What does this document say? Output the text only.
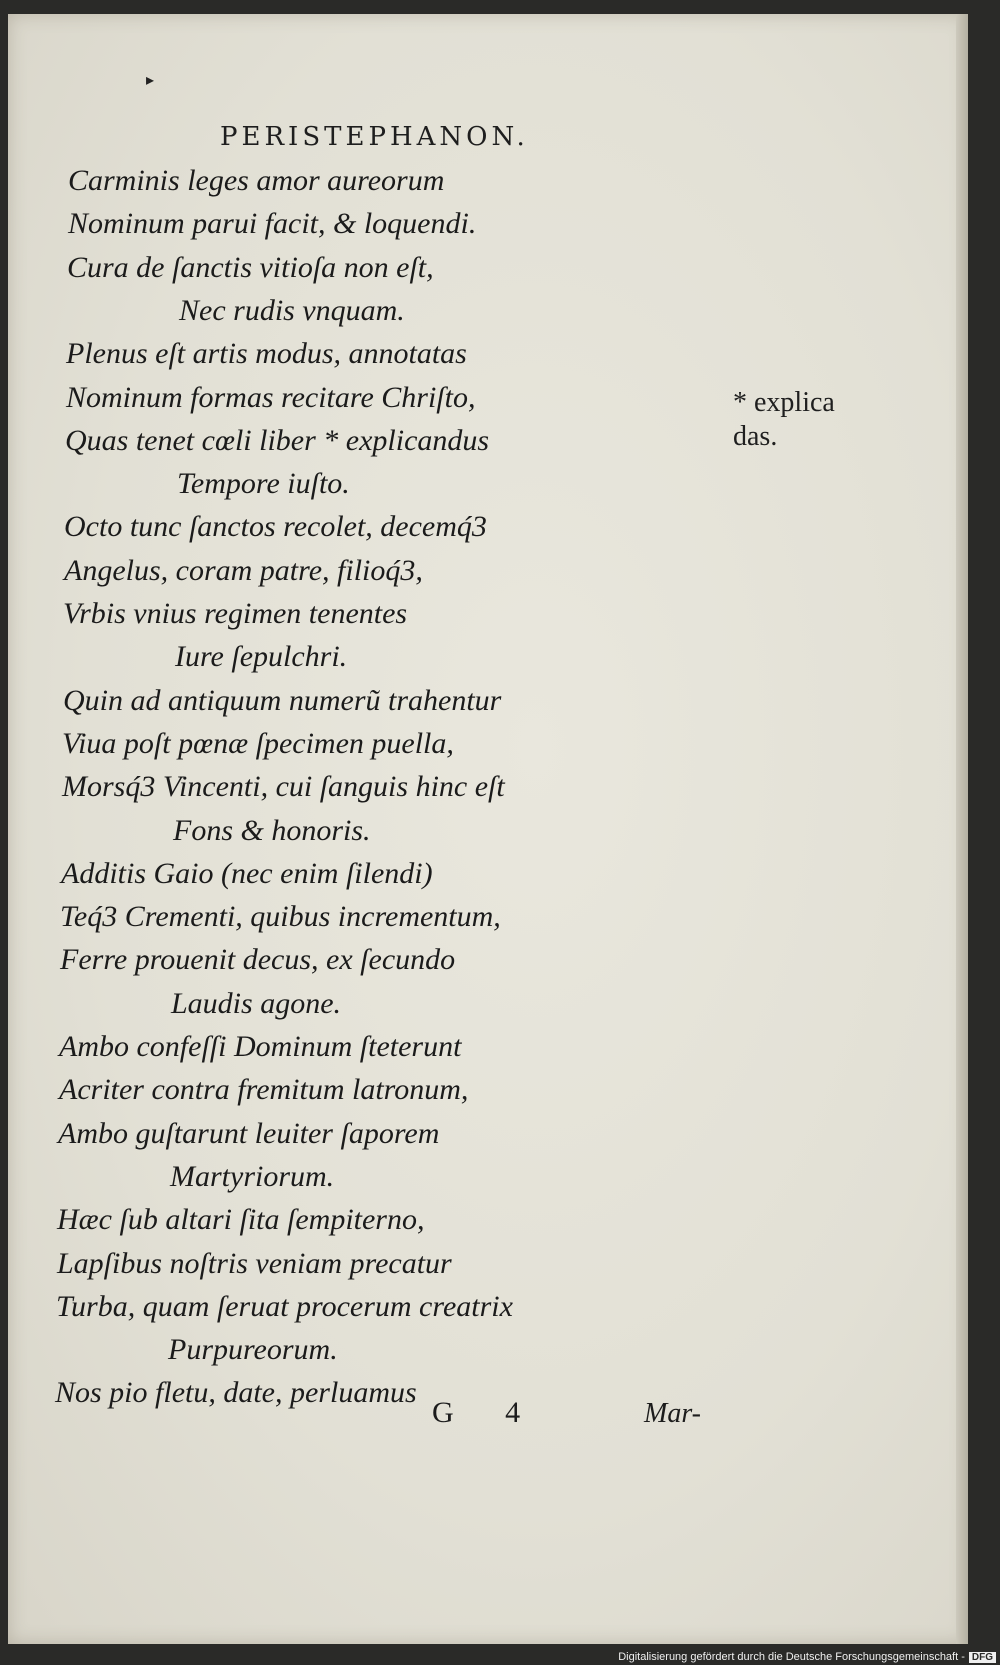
▸
PERISTEPHANON.
Carminis leges amor aureorum
Nominum parui facit, & loquendi.
Cura de ſanctis vitioſa non eſt,
Nec rudis vnquam.
Plenus eſt artis modus, annotatas
Nominum formas recitare Chriſto,
Quas tenet cœli liber * explicandus
Tempore iuſto.
Octo tunc ſanctos recolet, decemq́3
Angelus, coram patre, filioq́3,
Vrbis vnius regimen tenentes
Iure ſepulchri.
Quin ad antiquum numerũ trahentur
Viua poſt pœnæ ſpecimen puella,
Morsq́3 Vincenti, cui ſanguis hinc eſt
Fons & honoris.
Additis Gaio (nec enim ſilendi)
Teq́3 Crementi, quibus incrementum,
Ferre prouenit decus, ex ſecundo
Laudis agone.
Ambo confeſſi Dominum ſteterunt
Acriter contra fremitum latronum,
Ambo guſtarunt leuiter ſaporem
Martyriorum.
Hæc ſub altari ſita ſempiterno,
Lapſibus noſtris veniam precatur
Turba, quam ſeruat procerum creatrix
Purpureorum.
Nos pio fletu, date, perluamus
* explica
das.
G 4	Mar-
Digitalisierung gefördert durch die Deutsche Forschungsgemeinschaft - DFG
